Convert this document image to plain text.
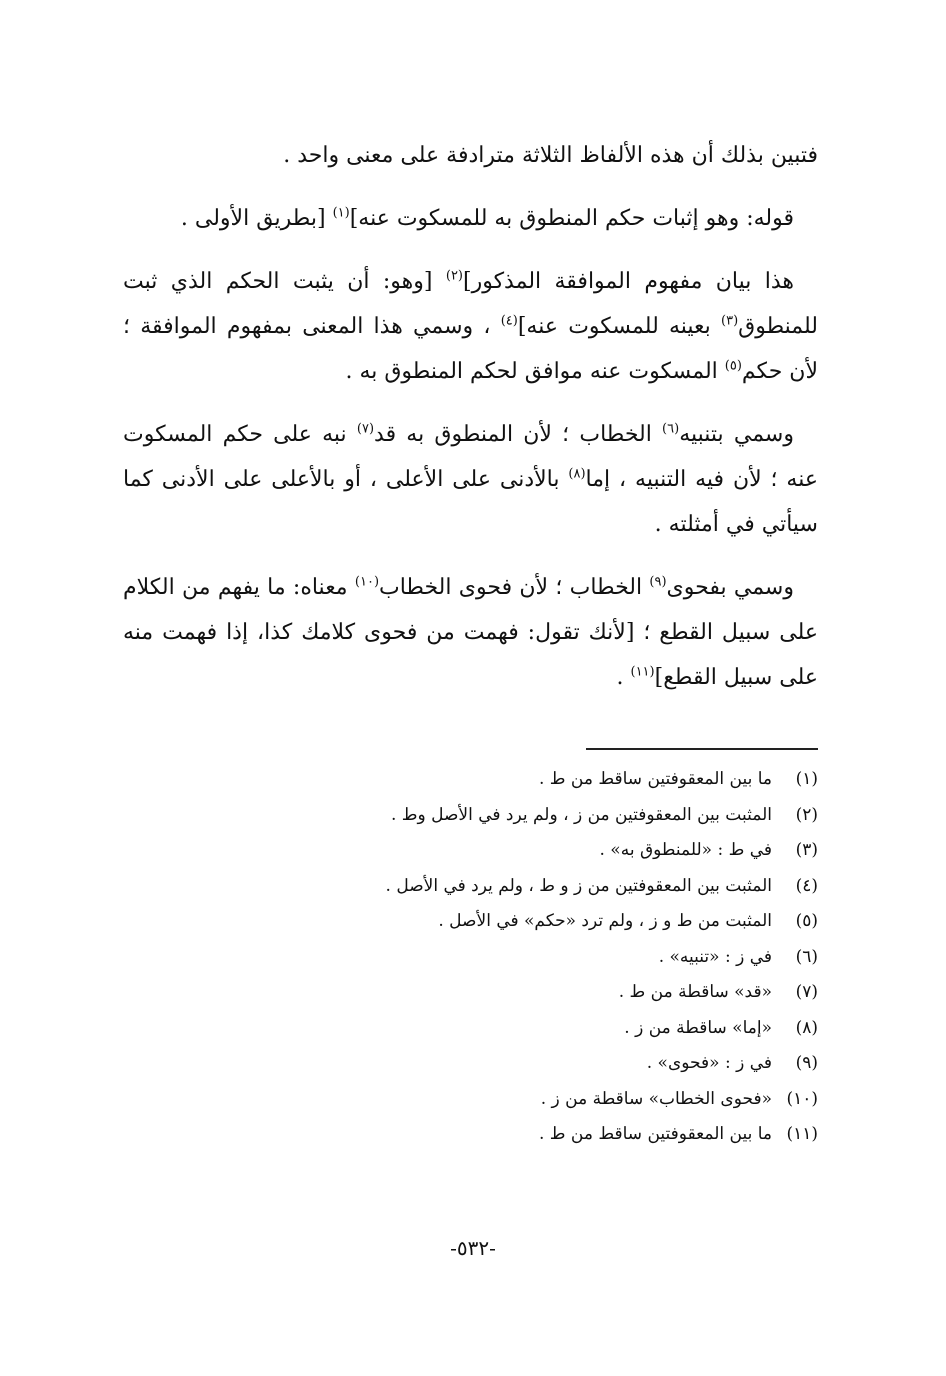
فتبين بذلك أن هذه الألفاظ الثلاثة مترادفة على معنى واحد .

قوله: وهو إثبات حكم المنطوق به للمسكوت عنه]$^{(١)}$ [بطريق الأولى .

هذا بيان مفهوم الموافقة المذكور]$^{(٢)}$ [وهو: أن يثبت الحكم الذي ثبت للمنطوق$^{(٣)}$ بعينه للمسكوت عنه]$^{(٤)}$ ، وسمي هذا المعنى بمفهوم الموافقة ؛ لأن حكم$^{(٥)}$ المسكوت عنه موافق لحكم المنطوق به .

وسمي بتنبيه$^{(٦)}$ الخطاب ؛ لأن المنطوق به قد$^{(٧)}$ نبه على حكم المسكوت عنه ؛ لأن فيه التنبيه ، إما$^{(٨)}$ بالأدنى على الأعلى ، أو بالأعلى على الأدنى كما سيأتي في أمثلته .

وسمي بفحوى$^{(٩)}$ الخطاب ؛ لأن فحوى الخطاب$^{(١٠)}$ معناه: ما يفهم من الكلام على سبيل القطع ؛ [لأنك تقول: فهمت من فحوى كلامك كذا، إذا فهمت منه على سبيل القطع]$^{(١١)}$ .

(١)
ما بين المعقوفتين ساقط من ط .
(٢)
المثبت بين المعقوفتين من ز ، ولم يرد في الأصل وط .
(٣)
في ط : «للمنطوق به» .
(٤)
المثبت بين المعقوفتين من ز و ط ، ولم يرد في الأصل .
(٥)
المثبت من ط و ز ، ولم ترد «حكم» في الأصل .
(٦)
في ز : «تنبيه» .
(٧)
«قد» ساقطة من ط .
(٨)
«إما» ساقطة من ز .
(٩)
في ز : «فحوى» .
(١٠)
«فحوى الخطاب» ساقطة من ز .
(١١)
ما بين المعقوفتين ساقط من ط .
-٥٣٢-
